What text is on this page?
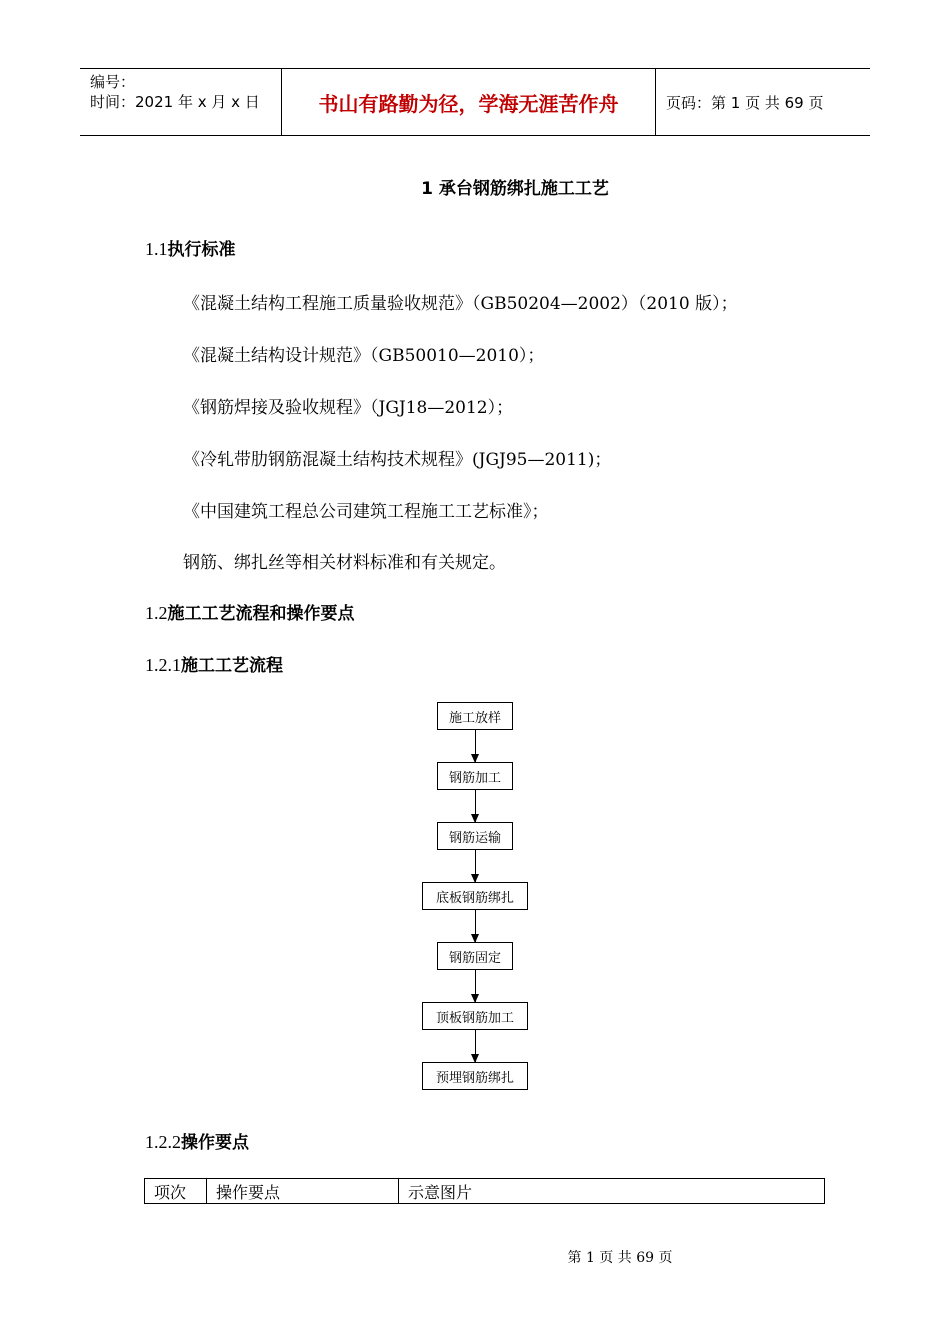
编号：
时间：2021 年 x 月 x 日	书山有路勤为径，学海无涯苦作舟	页码：第 1 页 共 69 页
1 承台钢筋绑扎施工工艺
1.1执行标准
《混凝土结构工程施工质量验收规范》（GB50204—2002）（2010 版）；
《混凝土结构设计规范》（GB50010—2010）；
《钢筋焊接及验收规程》（JGJ18—2012）；
《冷轧带肋钢筋混凝土结构技术规程》(JGJ95—2011)；
《中国建筑工程总公司建筑工程施工工艺标准》；
钢筋、绑扎丝等相关材料标准和有关规定。
1.2施工工艺流程和操作要点
1.2.1施工工艺流程
施工放样
钢筋加工
钢筋运输
底板钢筋绑扎
钢筋固定
顶板钢筋加工
预埋钢筋绑扎
1.2.2操作要点
项次	操作要点	示意图片
第 1 页 共 69 页
